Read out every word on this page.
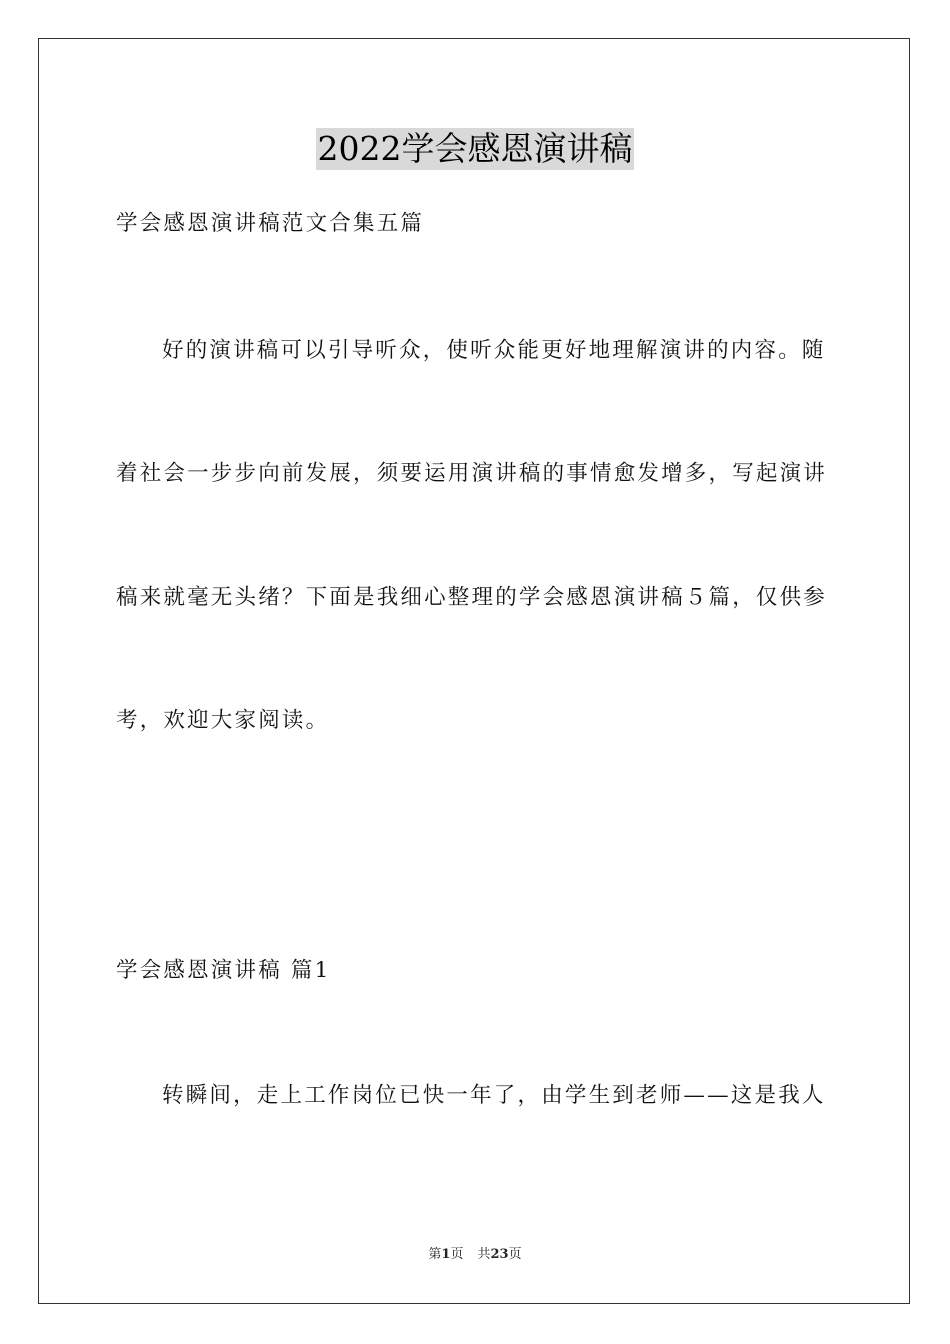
2022学会感恩演讲稿
学会感恩演讲稿范文合集五篇
好的演讲稿可以引导听众，使听众能更好地理解演讲的内容。随
着社会一步步向前发展，须要运用演讲稿的事情愈发增多，写起演讲
稿来就毫无头绪？下面是我细心整理的学会感恩演讲稿５篇，仅供参
考，欢迎大家阅读。
学会感恩演讲稿 篇1
转瞬间，走上工作岗位已快一年了，由学生到老师——这是我人
第1页 共23页
